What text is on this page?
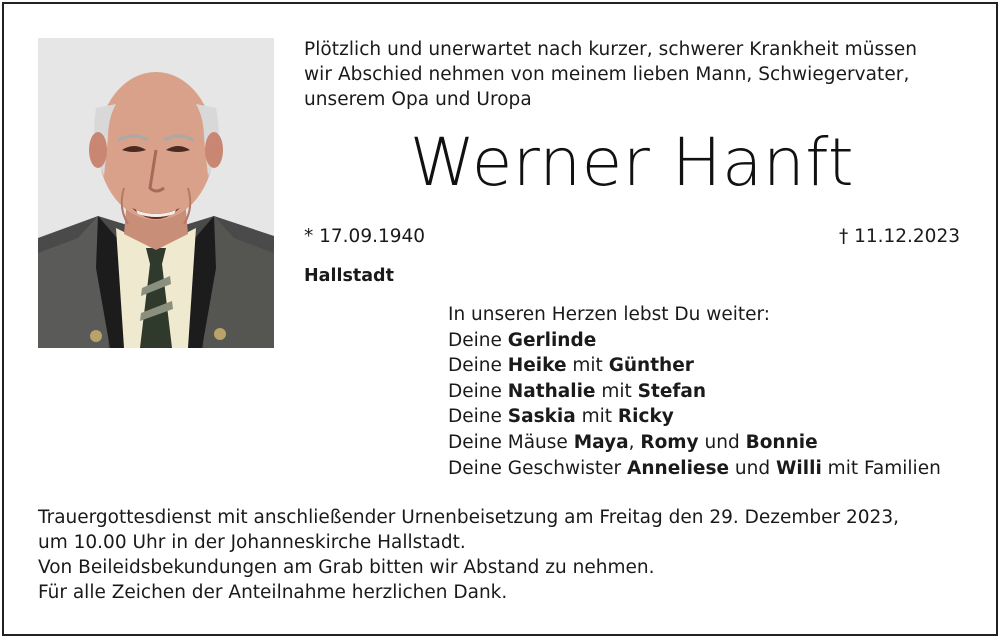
Plötzlich und unerwartet nach kurzer, schwerer Krankheit müssen
wir Abschied nehmen von meinem lieben Mann, Schwiegervater,
unserem Opa und Uropa
Werner Hanft
* 17.09.1940	† 11.12.2023
Hallstadt
In unseren Herzen lebst Du weiter:
Deine Gerlinde
Deine Heike mit Günther
Deine Nathalie mit Stefan
Deine Saskia mit Ricky
Deine Mäuse Maya, Romy und Bonnie
Deine Geschwister Anneliese und Willi mit Familien
Trauergottesdienst mit anschließender Urnenbeisetzung am Freitag den 29. Dezember 2023,
um 10.00 Uhr in der Johanneskirche Hallstadt.
Von Beileidsbekundungen am Grab bitten wir Abstand zu nehmen.
Für alle Zeichen der Anteilnahme herzlichen Dank.
